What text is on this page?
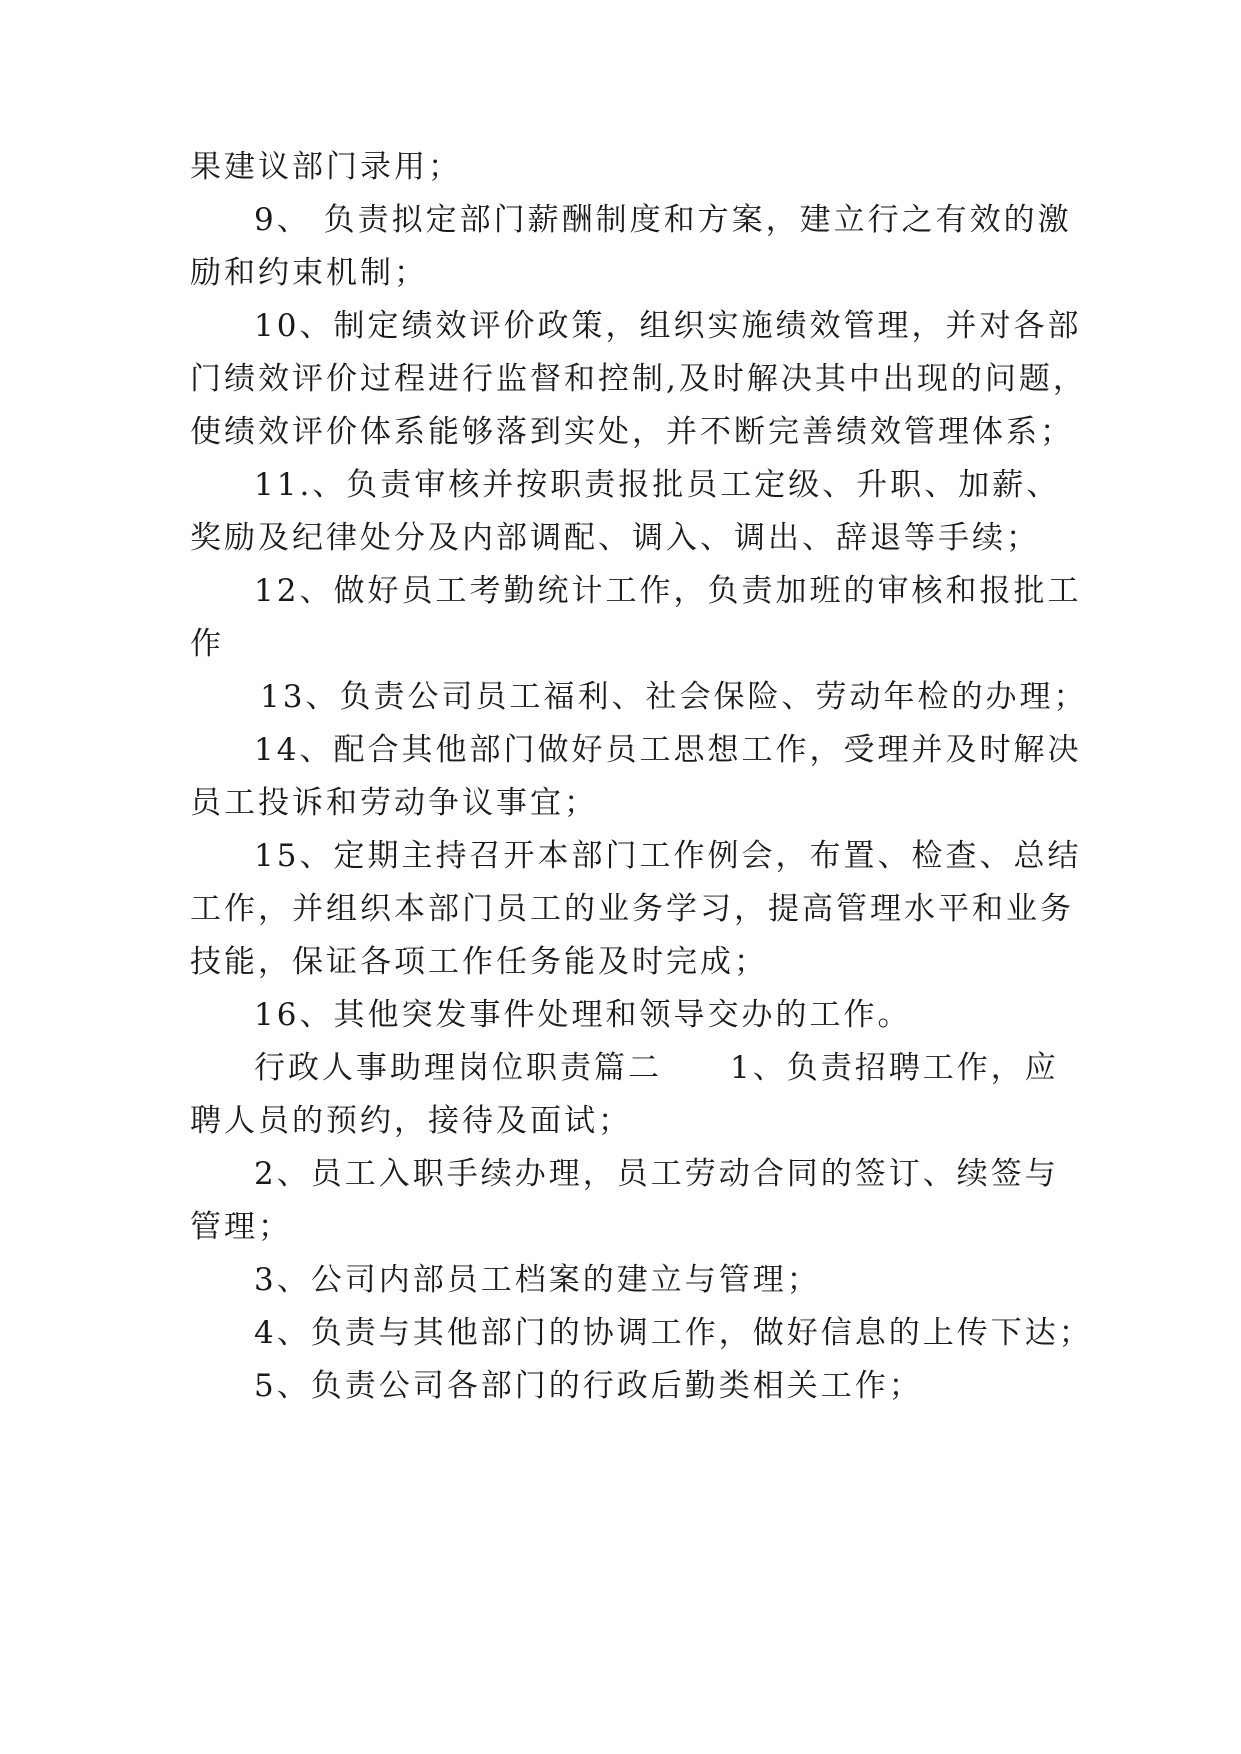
果建议部门录用；
9、 负责拟定部门薪酬制度和方案，建立行之有效的激
励和约束机制；
10、制定绩效评价政策，组织实施绩效管理，并对各部
门绩效评价过程进行监督和控制,及时解决其中出现的问题，
使绩效评价体系能够落到实处，并不断完善绩效管理体系；
11.、负责审核并按职责报批员工定级、升职、加薪、
奖励及纪律处分及内部调配、调入、调出、辞退等手续；
12、做好员工考勤统计工作，负责加班的审核和报批工
作
13、负责公司员工福利、社会保险、劳动年检的办理；
14、配合其他部门做好员工思想工作，受理并及时解决
员工投诉和劳动争议事宜；
15、定期主持召开本部门工作例会，布置、检查、总结
工作，并组织本部门员工的业务学习，提高管理水平和业务
技能，保证各项工作任务能及时完成；
16、其他突发事件处理和领导交办的工作。
行政人事助理岗位职责篇二　　1、负责招聘工作，应
聘人员的预约，接待及面试；
2、员工入职手续办理，员工劳动合同的签订、续签与
管理；
3、公司内部员工档案的建立与管理；
4、负责与其他部门的协调工作，做好信息的上传下达；
5、负责公司各部门的行政后勤类相关工作；
